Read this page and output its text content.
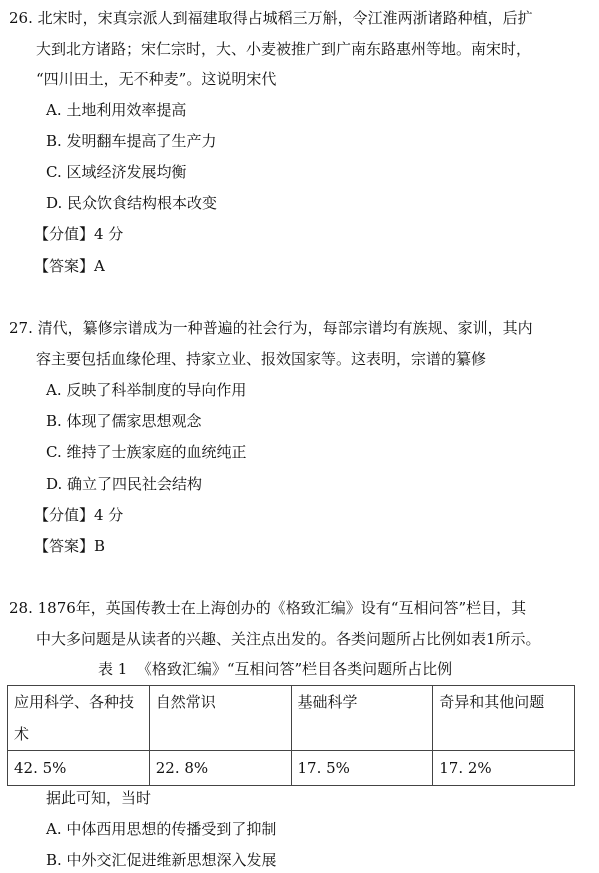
26. 北宋时，宋真宗派人到福建取得占城稻三万斛，令江淮两浙诸路种植，后扩
大到北方诸路；宋仁宗时，大、小麦被推广到广南东路惠州等地。南宋时，
“四川田土，无不种麦”。这说明宋代
A. 土地利用效率提高
B. 发明翻车提高了生产力
C. 区域经济发展均衡
D. 民众饮食结构根本改变
【分值】4 分
【答案】A
27. 清代，纂修宗谱成为一种普遍的社会行为，每部宗谱均有族规、家训，其内
容主要包括血缘伦理、持家立业、报效国家等。这表明，宗谱的纂修
A. 反映了科举制度的导向作用
B. 体现了儒家思想观念
C. 维持了士族家庭的血统纯正
D. 确立了四民社会结构
【分值】4 分
【答案】B
28. 1876年，英国传教士在上海创办的《格致汇编》设有“互相问答”栏目，其
中大多问题是从读者的兴趣、关注点出发的。各类问题所占比例如表1所示。
表 1  《格致汇编》“互相问答”栏目各类问题所占比例
应用科学、各种技术	自然常识	基础科学	奇异和其他问题
42. 5%	22. 8%	17. 5%	17. 2%
据此可知，当时
A. 中体西用思想的传播受到了抑制
B. 中外交汇促进维新思想深入发展
